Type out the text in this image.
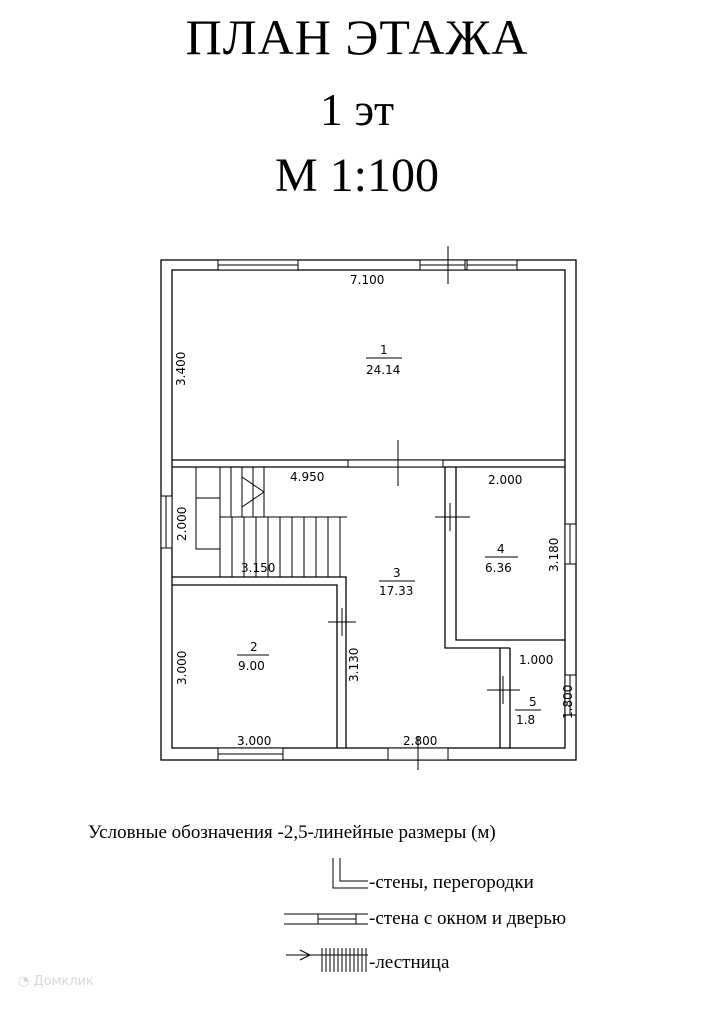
ПЛАН ЭТАЖА
1 эт
М 1:100
7.100
3.400
4.950
2.000
3.150
2.000
3.180
3.000
3.000
3.130
2.800
1.000
1.800
1
24.14
2
9.00
3
17.33
4
6.36
5
1.8
Условные обозначения -2,5-линейные размеры (м)
-стены, перегородки
-стена с окном и дверью
-лестница
◔ Домклик
